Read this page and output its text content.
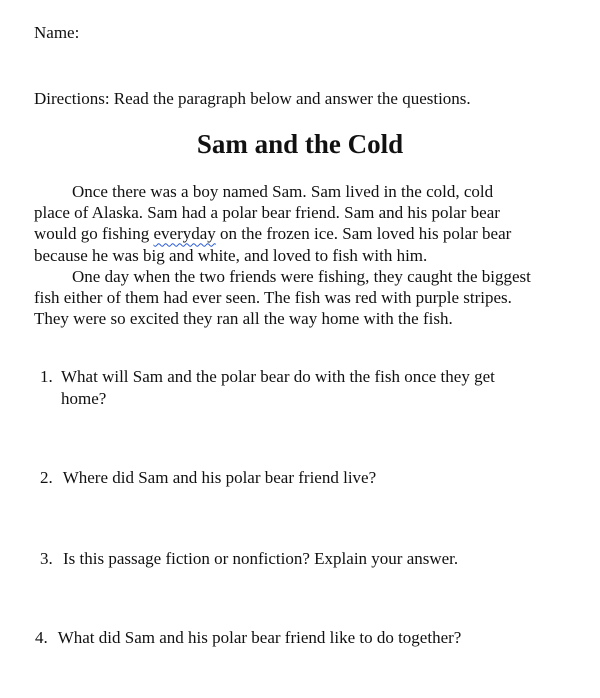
Name:
Directions: Read the paragraph below and answer the questions.
Sam and the Cold

Once there was a boy named Sam. Sam lived in the cold, cold
place of Alaska. Sam had a polar bear friend. Sam and his polar bear
would go fishing everyday on the frozen ice. Sam loved his polar bear
because he was big and white, and loved to fish with him.

One day when the two friends were fishing, they caught the biggest
fish either of them had ever seen. The fish was red with purple stripes.
They were so excited they ran all the way home with the fish.

1. What will Sam and the polar bear do with the fish once they get home?
2. Where did Sam and his polar bear friend live?
3. Is this passage fiction or nonfiction? Explain your answer.
4. What did Sam and his polar bear friend like to do together?
